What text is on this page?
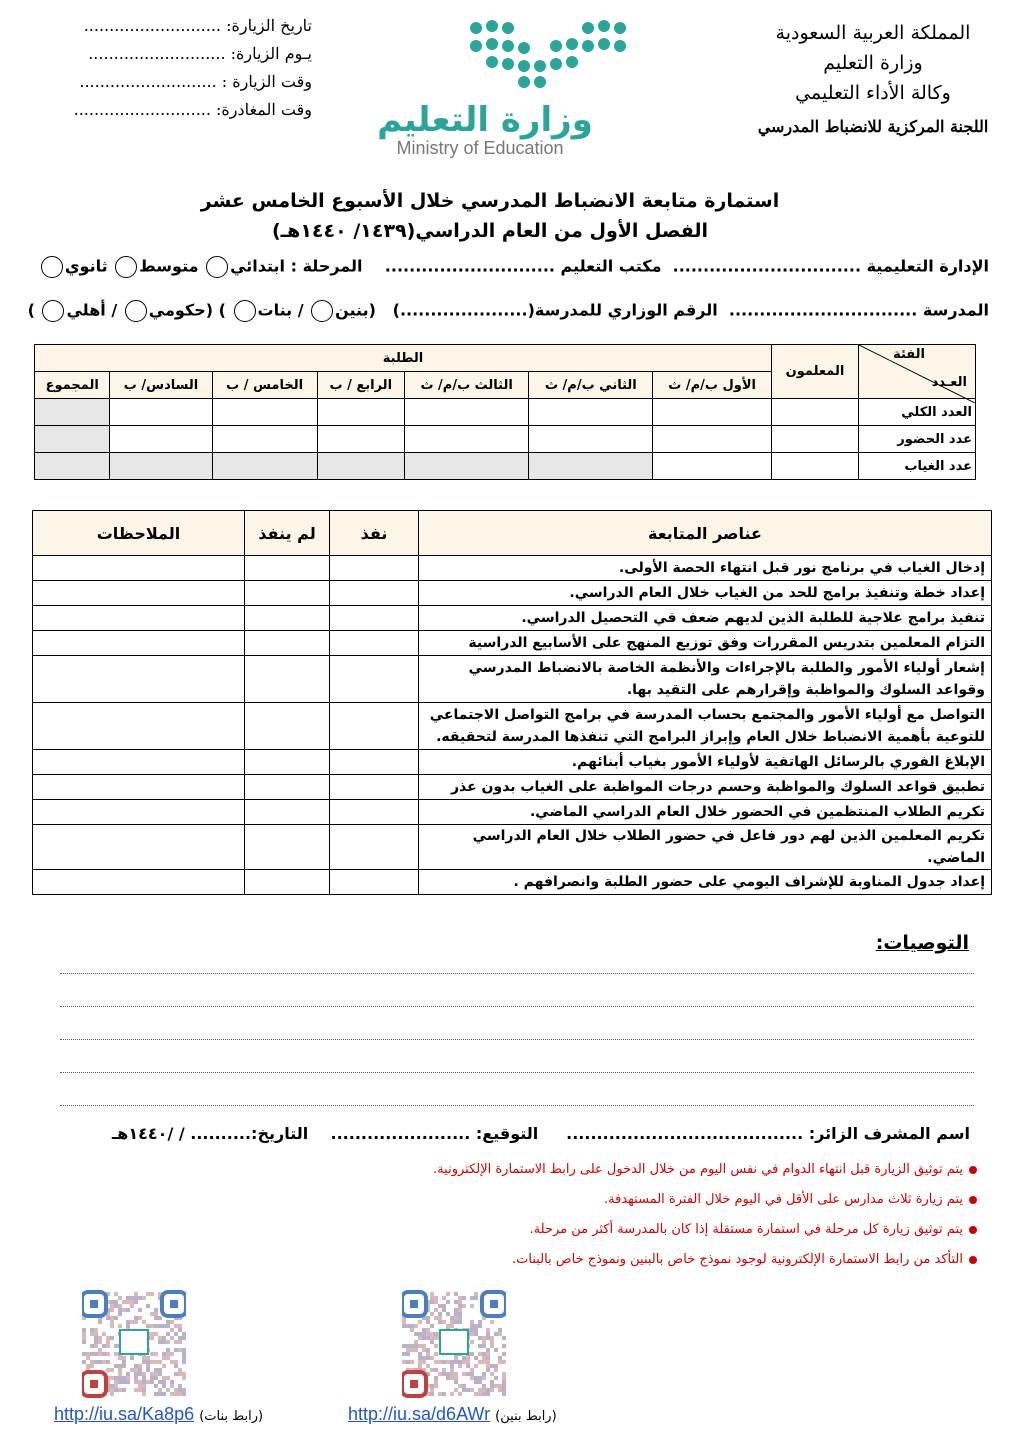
المملكة العربية السعودية
وزارة التعليم
وكالة الأداء التعليمي
اللجنة المركزية للانضباط المدرسي
تاريخ الزيارة: ...........................
يـوم الزيارة: ...........................
وقت الزيارة : ...........................
وقت المغادرة: ........................... وزارة التعليم
Ministry of Education
استمارة متابعة الانضباط المدرسي خلال الأسبوع الخامس عشر
الفصل الأول من العام الدراسي(١٤٣٩/ ١٤٤٠هـ)
الإدارة التعليمية ...............................  مكتب التعليم ............................    المرحلة : ابتدائي متوسط ثانوي
المدرسة ...............................  الرقم الوزاري للمدرسة(.....................)   (بنين / بنات ) (حكومي / أهلي )
الفئة
العـدد	المعلمون	الطلبة						
		الأول ب/م/ ث	الثاني ب/م/ ث	الثالث ب/م/ ث	الرابع / ب	الخامس / ب	السادس/ ب	المجموع
العدد الكلي								
عدد الحضور								
عدد الغياب								
عناصر المتابعة	نفذ	لم ينفذ	الملاحظات

إدخال الغياب في برنامج نور قبل انتهاء الحصة الأولى.			

إعداد خطة وتنفيذ برامج للحد من الغياب خلال العام الدراسي.			

تنفيذ برامج علاجية للطلبة الذين لديهم ضعف في التحصيل الدراسي.			

التزام المعلمين بتدريس المقررات وفق توزيع المنهج على الأسابيع الدراسية			

إشعار أولياء الأمور والطلبة بالإجراءات والأنظمة الخاصة بالانضباط المدرسي
وقواعد السلوك والمواظبة وإقرارهم على التقيد بها.			

التواصل مع أولياء الأمور والمجتمع بحساب المدرسة في برامج التواصل الاجتماعي
للتوعية بأهمية الانضباط خلال العام وإبراز البرامج التي تنفذها المدرسة لتحقيقه.			

الإبلاغ الفوري بالرسائل الهاتفية لأولياء الأمور بغياب أبنائهم.			

تطبيق قواعد السلوك والمواظبة وحسم درجات المواظبة على الغياب بدون عذر			

تكريم الطلاب المنتظمين في الحضور خلال العام الدراسي الماضي.			

تكريم المعلمين الذين لهم دور فاعل في حضور الطلاب خلال العام الدراسي الماضي.			

إعداد جدول المناوبة للإشراف اليومي على حضور الطلبة وانصرافهم .			

التوصيات:
اسم المشرف الزائر: .......................................     التوقيع: .......................    التاريخ:.......... / /١٤٤٠هـ
يتم توثيق الزيارة قبل انتهاء الدوام في نفس اليوم من خلال الدخول على رابط الاستمارة الإلكترونية.
يتم زيارة ثلاث مدارس على الأقل في اليوم خلال الفترة المستهدفة.
يتم توثيق زيارة كل مرحلة في استمارة مستقلة إذا كان بالمدرسة أكثر من مرحلة.
التأكد من رابط الاستمارة الإلكترونية لوجود نموذج خاص بالبنين ونموذج خاص بالبنات.
http://iu.sa/Ka8p6 (رابط بنات)	http://iu.sa/d6AWr (رابط بنين)
